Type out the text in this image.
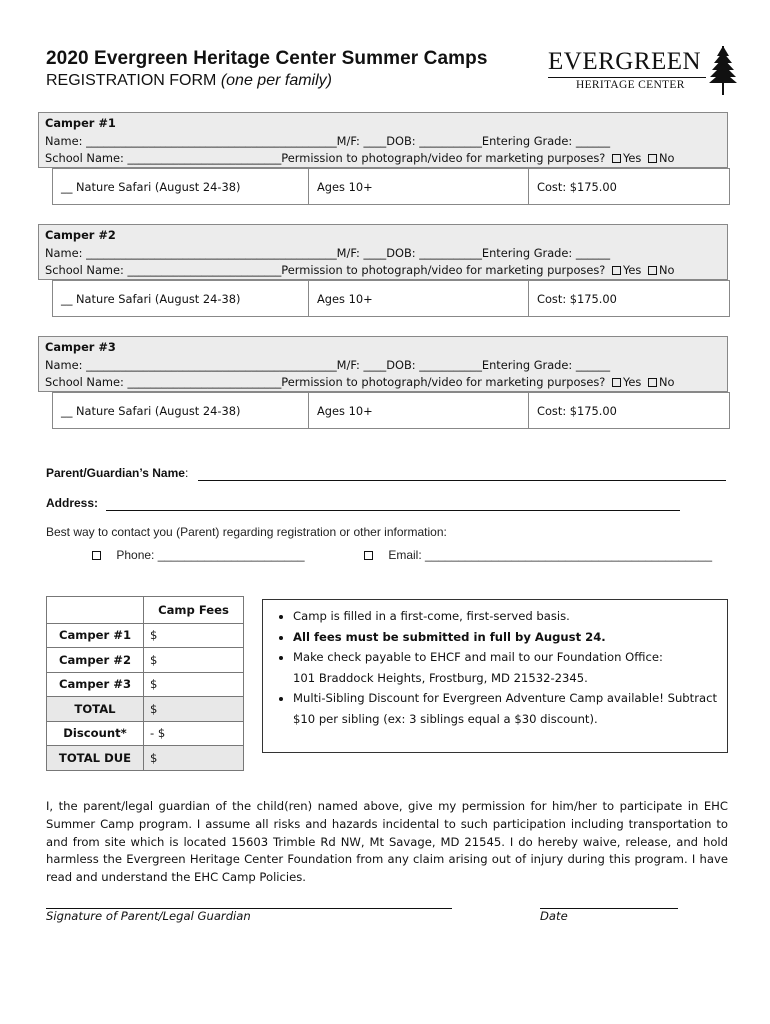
2020 Evergreen Heritage Center Summer Camps
REGISTRATION FORM (one per family)
EVERGREEN
HERITAGE CENTER
Camper #1
Name: ____________________________________________M/F: ____DOB: ___________Entering Grade: ______
School Name: ___________________________Permission to photograph/video for marketing purposes? Yes No
__ Nature Safari (August 24-38)	Ages 10+	Cost: $175.00
Camper #2
Name: ____________________________________________M/F: ____DOB: ___________Entering Grade: ______
School Name: ___________________________Permission to photograph/video for marketing purposes? Yes No
__ Nature Safari (August 24-38)	Ages 10+	Cost: $175.00
Camper #3
Name: ____________________________________________M/F: ____DOB: ___________Entering Grade: ______
School Name: ___________________________Permission to photograph/video for marketing purposes? Yes No
__ Nature Safari (August 24-38)	Ages 10+	Cost: $175.00
Parent/Guardian’s Name:
Address:
Best way to contact you (Parent) regarding registration or other information:
Phone: ______________________	Email: ___________________________________________
	Camp Fees
Camper #1	$
Camper #2	$
Camper #3	$
TOTAL	$
Discount*	- $
TOTAL DUE	$
• Camp is filled in a first-come, first-served basis.
• All fees must be submitted in full by August 24.
• Make check payable to EHCF and mail to our Foundation Office:
101 Braddock Heights, Frostburg, MD 21532-2345.
• Multi-Sibling Discount for Evergreen Adventure Camp available! Subtract $10 per sibling (ex: 3 siblings equal a $30 discount).
I, the parent/legal guardian of the child(ren) named above, give my permission for him/her to participate in EHC Summer Camp program. I assume all risks and hazards incidental to such participation including transportation to and from site which is located 15603 Trimble Rd NW, Mt Savage, MD 21545. I do hereby waive, release, and hold harmless the Evergreen Heritage Center Foundation from any claim arising out of injury during this program. I have read and understand the EHC Camp Policies.
Signature of Parent/Legal Guardian	Date
